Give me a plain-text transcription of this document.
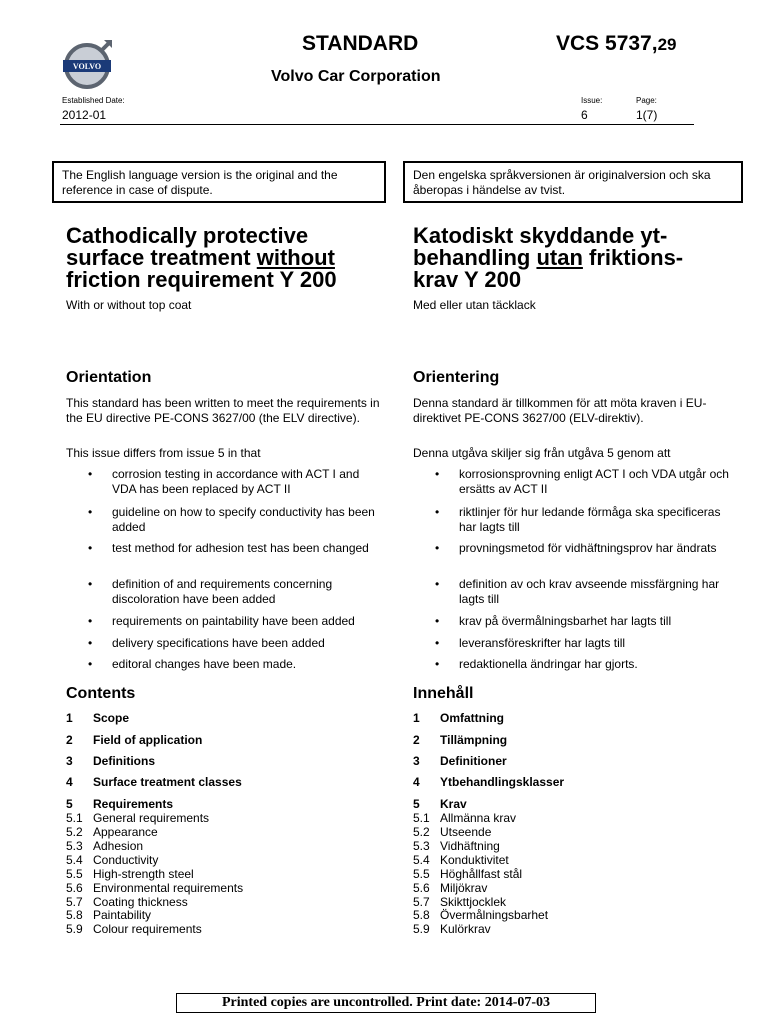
VOLVO
STANDARD	VCS 5737,29
Volvo Car Corporation
Established Date:
2012-01
Issue:
6
Page:
1(7)
The English language version is the original and the reference in case of dispute.
Den engelska språkversionen är originalversion och ska åberopas i händelse av tvist.
Cathodically protective
surface treatment without
friction requirement Y 200
With or without top coat
Orientation
This standard has been written to meet the requirements in the EU directive PE-CONS 3627/00 (the ELV directive).
This issue differs from issue 5 in that
• corrosion testing in accordance with ACT I and VDA has been replaced by ACT II
• guideline on how to specify conductivity has been added
• test method for adhesion test has been changed
• definition of and requirements concerning discoloration have been added
• requirements on paintability have been added
• delivery specifications have been added
• editoral changes have been made.
Contents
1 Scope
2 Field of application
3 Definitions
4 Surface treatment classes
5 Requirements
5.1 General requirements
5.2 Appearance
5.3 Adhesion
5.4 Conductivity
5.5 High-strength steel
5.6 Environmental requirements
5.7 Coating thickness
5.8 Paintability
5.9 Colour requirements
Katodiskt skyddande yt-
behandling utan friktions-
krav Y 200
Med eller utan täcklack
Orientering
Denna standard är tillkommen för att möta kraven i EU-direktivet PE-CONS 3627/00 (ELV-direktiv).
Denna utgåva skiljer sig från utgåva 5 genom att
• korrosionsprovning enligt ACT I och VDA utgår och ersätts av ACT II
• riktlinjer för hur ledande förmåga ska specificeras har lagts till
• provningsmetod för vidhäftningsprov har ändrats
• definition av och krav avseende missfärgning har lagts till
• krav på övermålningsbarhet har lagts till
• leveransföreskrifter har lagts till
• redaktionella ändringar har gjorts.
Innehåll
1 Omfattning
2 Tillämpning
3 Definitioner
4 Ytbehandlingsklasser
5 Krav
5.1 Allmänna krav
5.2 Utseende
5.3 Vidhäftning
5.4 Konduktivitet
5.5 Höghållfast stål
5.6 Miljökrav
5.7 Skikttjocklek
5.8 Övermålningsbarhet
5.9 Kulörkrav
Printed copies are uncontrolled. Print date: 2014-07-03
